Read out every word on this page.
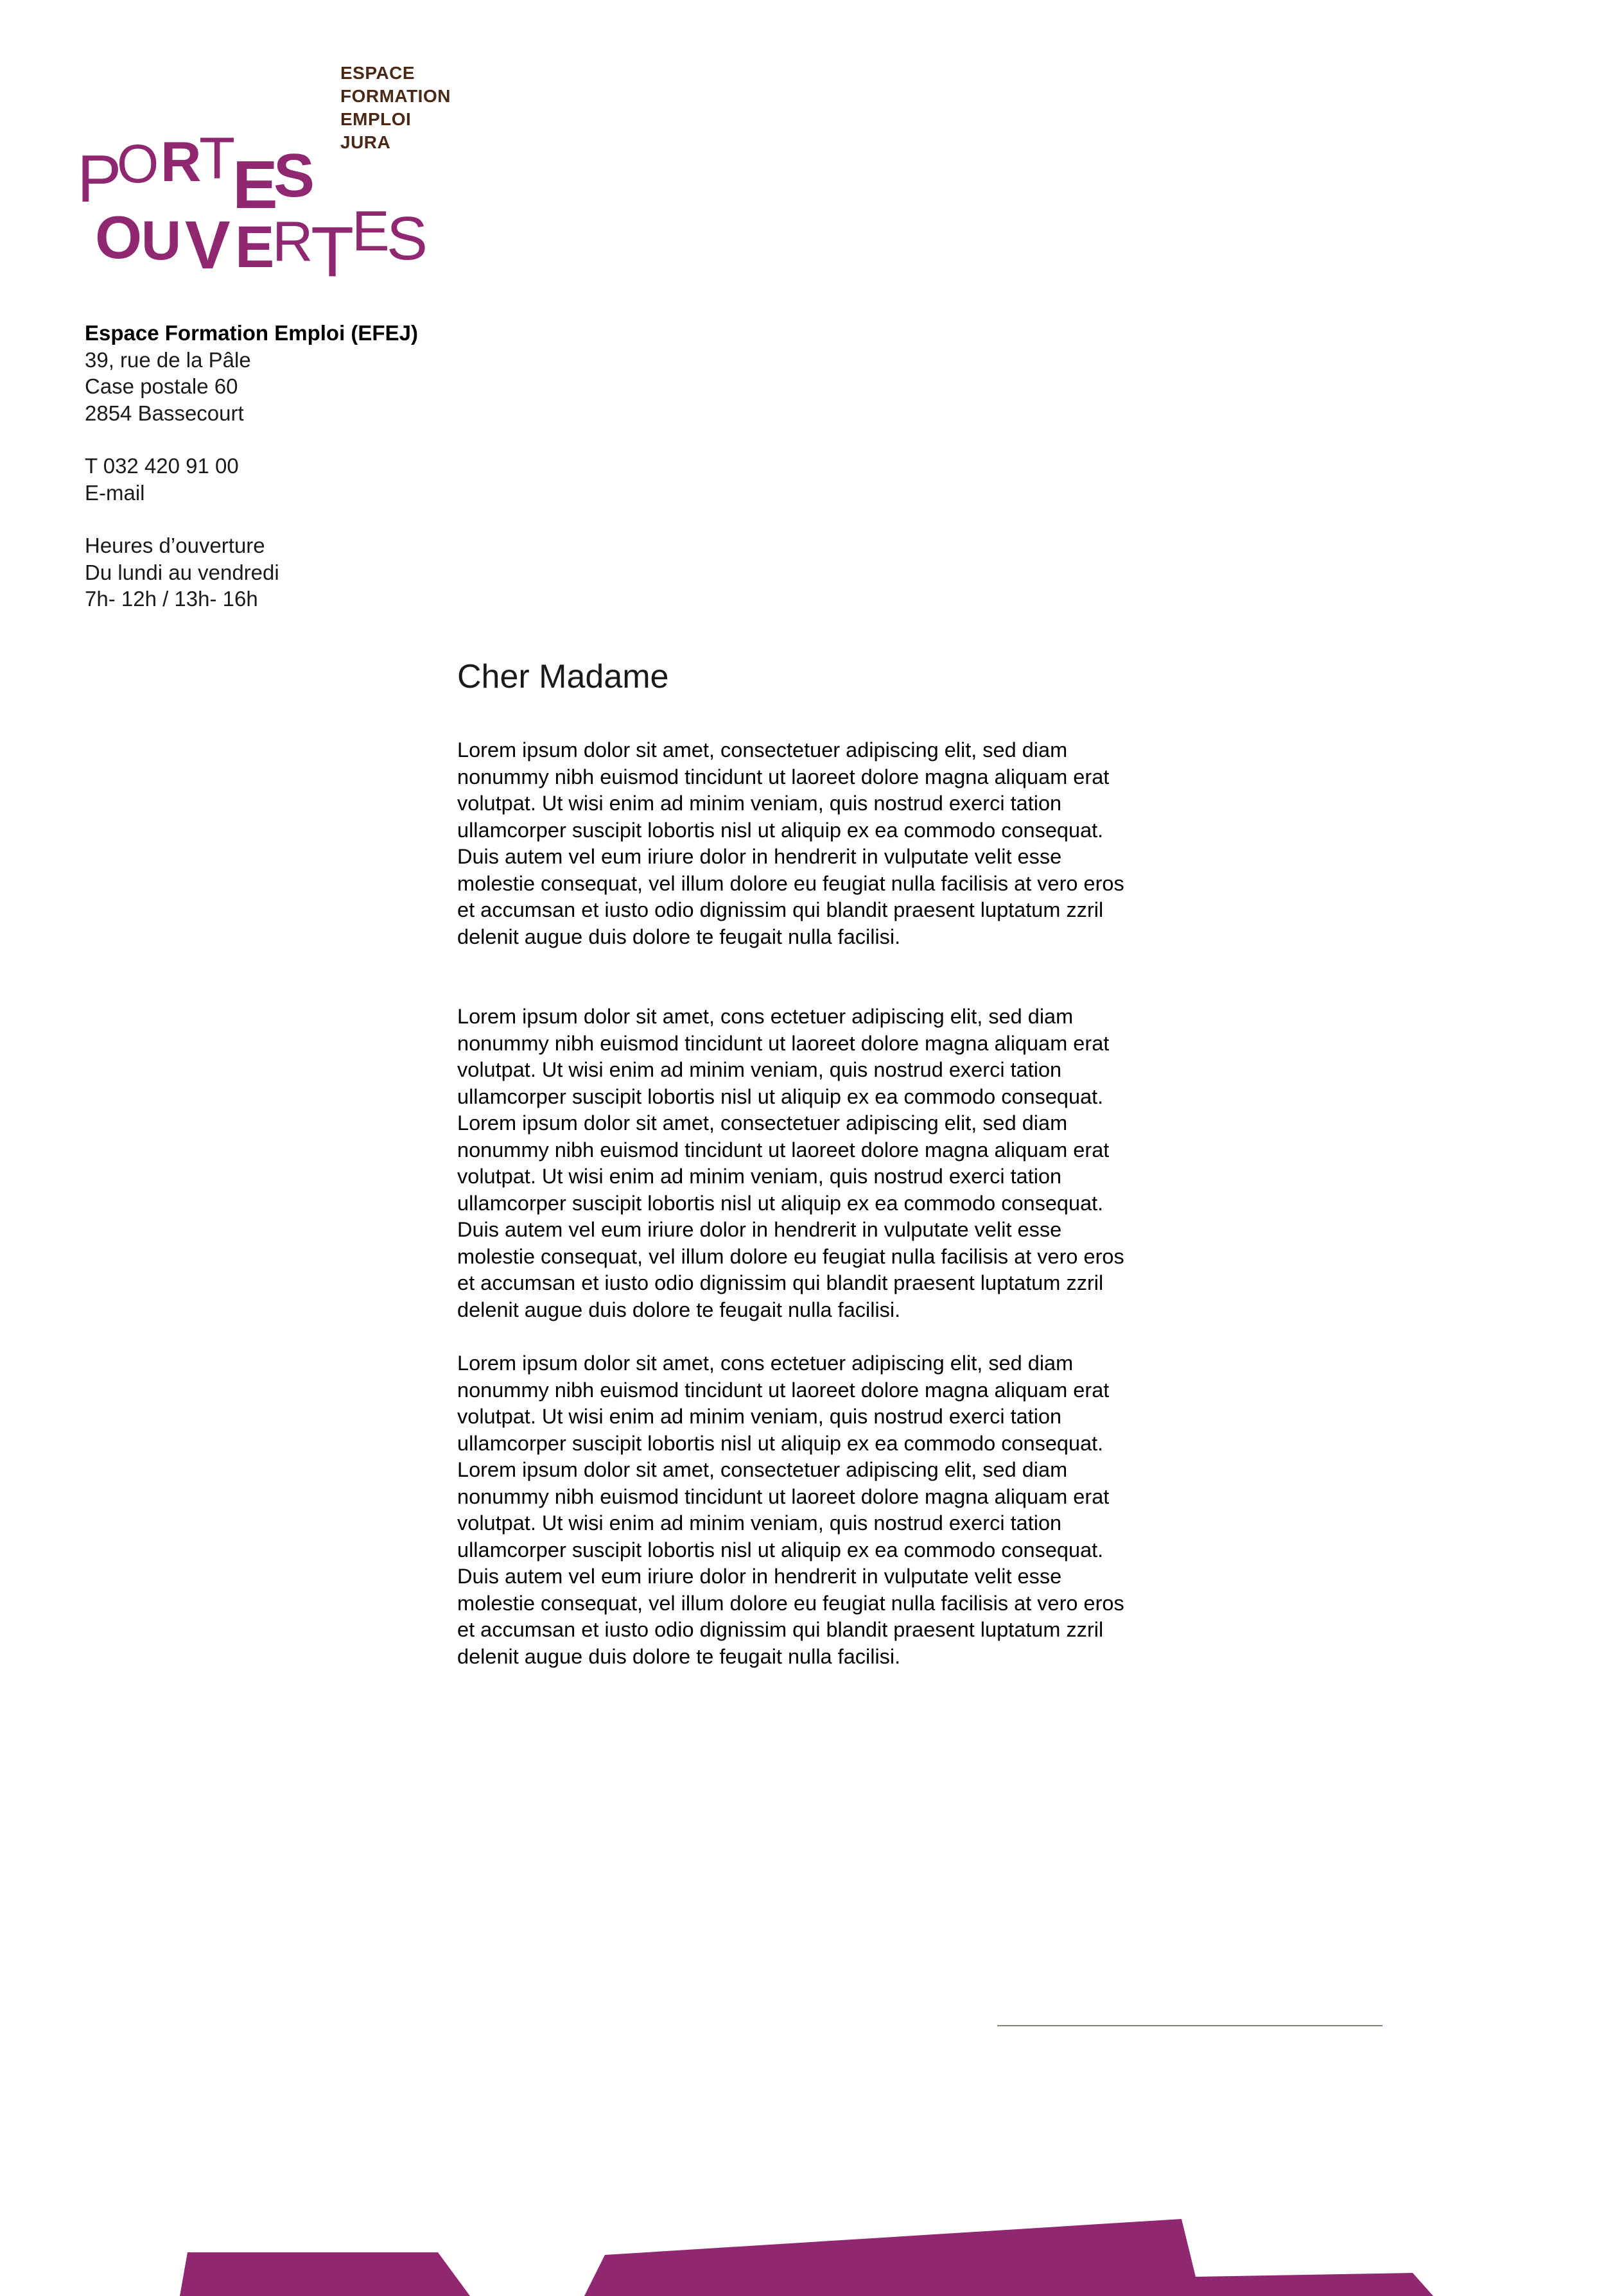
P
O R
T
E
S
O
U V E
R
T
E
S
ESPACE
FORMATION
EMPLOI
JURA
Espace Formation Emploi (EFEJ)
39, rue de la Pâle
Case postale 60
2854 Bassecourt
T 032 420 91 00
E-mail
Heures d’ouverture
Du lundi au vendredi
7h- 12h / 13h- 16h
Cher Madame

Lorem ipsum dolor sit amet, consectetuer adipiscing elit, sed diam
nonummy nibh euismod tincidunt ut laoreet dolore magna aliquam erat
volutpat. Ut wisi enim ad minim veniam, quis nostrud exerci tation
ullamcorper suscipit lobortis nisl ut aliquip ex ea commodo consequat.
Duis autem vel eum iriure dolor in hendrerit in vulputate velit esse
molestie consequat, vel illum dolore eu feugiat nulla facilisis at vero eros
et accumsan et iusto odio dignissim qui blandit praesent luptatum zzril
delenit augue duis dolore te feugait nulla facilisi.

Lorem ipsum dolor sit amet, cons ectetuer adipiscing elit, sed diam
nonummy nibh euismod tincidunt ut laoreet dolore magna aliquam erat
volutpat. Ut wisi enim ad minim veniam, quis nostrud exerci tation
ullamcorper suscipit lobortis nisl ut aliquip ex ea commodo consequat.
Lorem ipsum dolor sit amet, consectetuer adipiscing elit, sed diam
nonummy nibh euismod tincidunt ut laoreet dolore magna aliquam erat
volutpat. Ut wisi enim ad minim veniam, quis nostrud exerci tation
ullamcorper suscipit lobortis nisl ut aliquip ex ea commodo consequat.
Duis autem vel eum iriure dolor in hendrerit in vulputate velit esse
molestie consequat, vel illum dolore eu feugiat nulla facilisis at vero eros
et accumsan et iusto odio dignissim qui blandit praesent luptatum zzril
delenit augue duis dolore te feugait nulla facilisi.

Lorem ipsum dolor sit amet, cons ectetuer adipiscing elit, sed diam
nonummy nibh euismod tincidunt ut laoreet dolore magna aliquam erat
volutpat. Ut wisi enim ad minim veniam, quis nostrud exerci tation
ullamcorper suscipit lobortis nisl ut aliquip ex ea commodo consequat.
Lorem ipsum dolor sit amet, consectetuer adipiscing elit, sed diam
nonummy nibh euismod tincidunt ut laoreet dolore magna aliquam erat
volutpat. Ut wisi enim ad minim veniam, quis nostrud exerci tation
ullamcorper suscipit lobortis nisl ut aliquip ex ea commodo consequat.
Duis autem vel eum iriure dolor in hendrerit in vulputate velit esse
molestie consequat, vel illum dolore eu feugiat nulla facilisis at vero eros
et accumsan et iusto odio dignissim qui blandit praesent luptatum zzril
delenit augue duis dolore te feugait nulla facilisi.
